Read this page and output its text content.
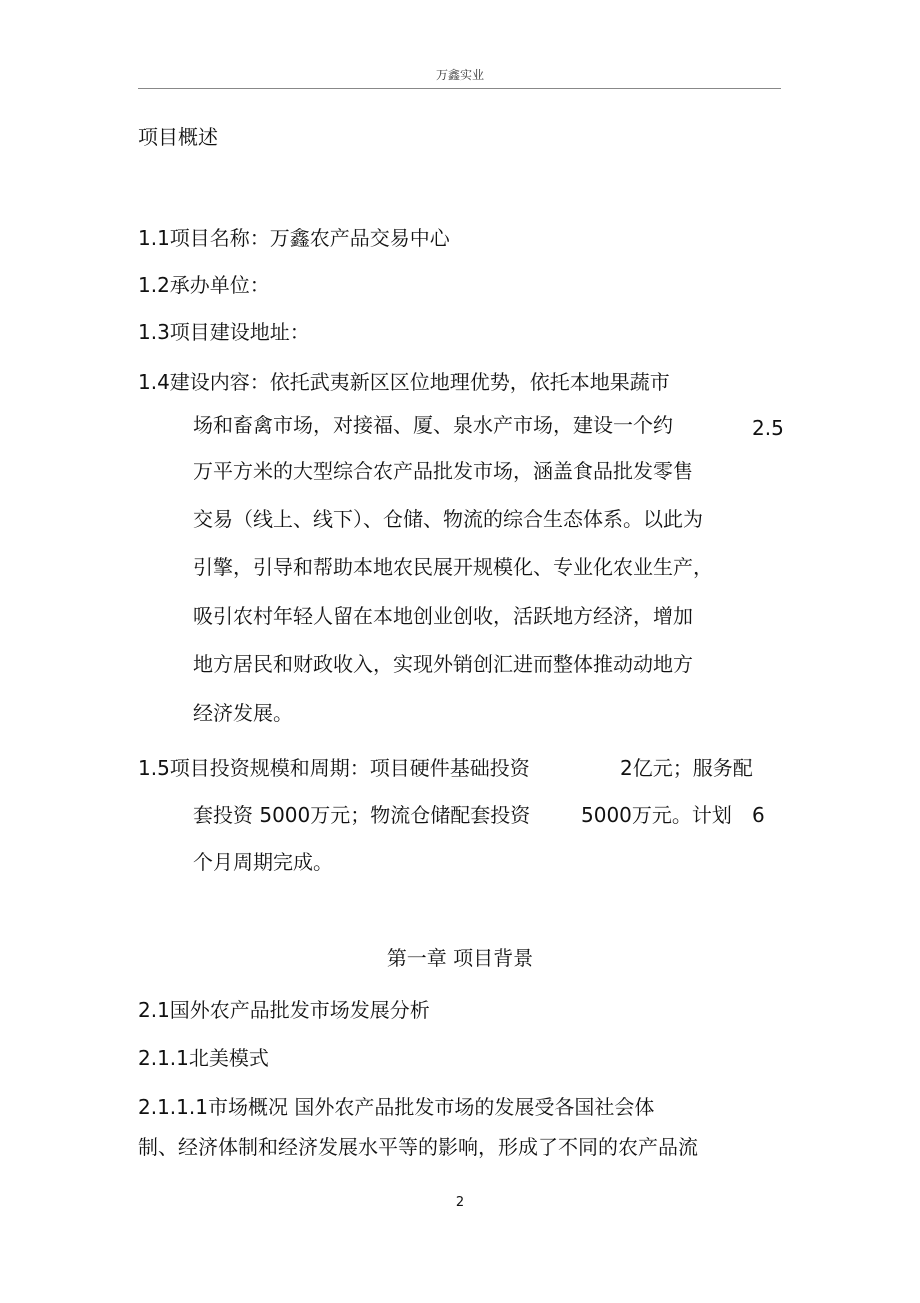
万鑫实业
项目概述
1.1项目名称：万鑫农产品交易中心
1.2承办单位：
1.3项目建设地址：
1.4建设内容：依托武夷新区区位地理优势，依托本地果蔬市
场和畜禽市场，对接福、厦、泉水产市场，建设一个约	2.5
万平方米的大型综合农产品批发市场，涵盖食品批发零售
交易（线上、线下）、仓储、物流的综合生态体系。以此为
引擎，引导和帮助本地农民展开规模化、专业化农业生产，
吸引农村年轻人留在本地创业创收，活跃地方经济，增加
地方居民和财政收入，实现外销创汇进而整体推动动地方
经济发展。
1.5项目投资规模和周期：项目硬件基础投资	2亿元；服务配
套投资 5000万元；物流仓储配套投资	5000万元。计划 6
个月周期完成。
第一章 项目背景
2.1国外农产品批发市场发展分析
2.1.1北美模式
2.1.1.1市场概况 国外农产品批发市场的发展受各国社会体
制、经济体制和经济发展水平等的影响，形成了不同的农产品流
2
